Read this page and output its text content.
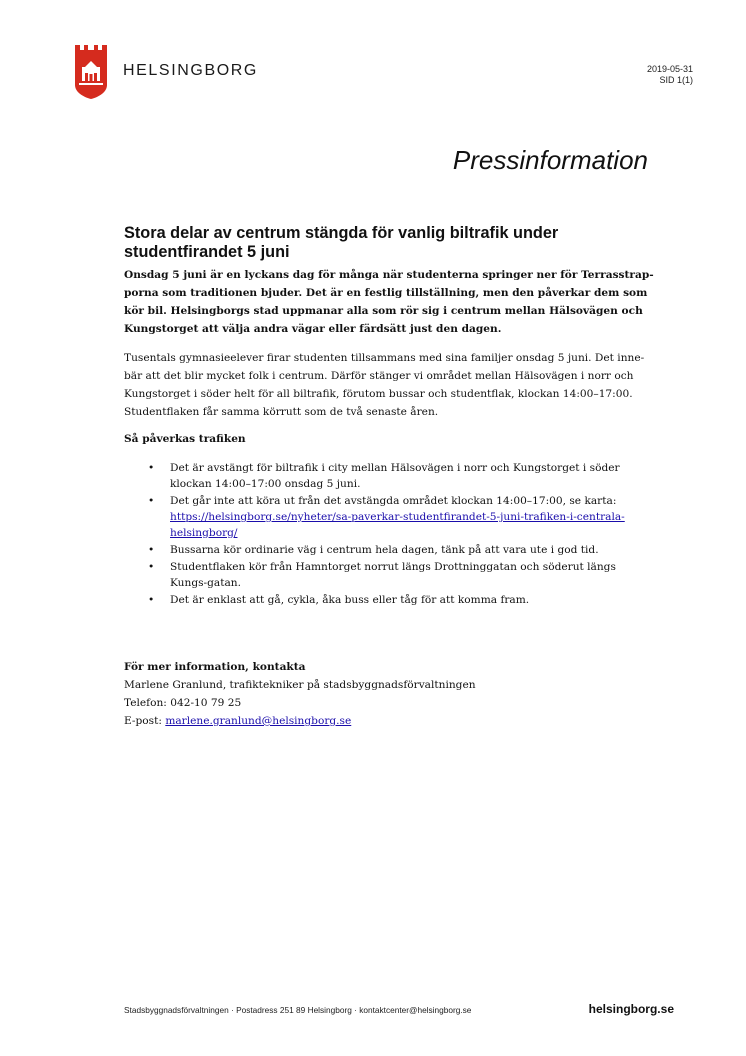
HELSINGBORG	2019-05-31
SID 1(1)
Pressinformation
Stora delar av centrum stängda för vanlig biltrafik under studentfirandet 5 juni

Onsdag 5 juni är en lyckans dag för många när studenterna springer ner för Terrasstrap-porna som traditionen bjuder. Det är en festlig tillställning, men den påverkar dem som kör bil. Helsingborgs stad uppmanar alla som rör sig i centrum mellan Hälsovägen och Kungstorget att välja andra vägar eller färdsätt just den dagen.

Tusentals gymnasieelever firar studenten tillsammans med sina familjer onsdag 5 juni. Det inne-bär att det blir mycket folk i centrum. Därför stänger vi området mellan Hälsovägen i norr och Kungstorget i söder helt för all biltrafik, förutom bussar och studentflak, klockan 14:00–17:00. Studentflaken får samma körrutt som de två senaste åren.

Så påverkas trafiken
• Det är avstängt för biltrafik i city mellan Hälsovägen i norr och Kungstorget i söder klockan 14:00–17:00 onsdag 5 juni.
• Det går inte att köra ut från det avstängda området klockan 14:00–17:00, se karta:
https://helsingborg.se/nyheter/sa-paverkar-studentfirandet-5-juni-trafiken-i-centrala-helsingborg/
• Bussarna kör ordinarie väg i centrum hela dagen, tänk på att vara ute i god tid.
• Studentflaken kör från Hamntorget norrut längs Drottninggatan och söderut längs Kungs-gatan.
• Det är enklast att gå, cykla, åka buss eller tåg för att komma fram.
För mer information, kontakta
Marlene Granlund, trafiktekniker på stadsbyggnadsförvaltningen
Telefon: 042-10 79 25
E-post: marlene.granlund@helsingborg.se
Stadsbyggnadsförvaltningen · Postadress 251 89 Helsingborg · kontaktcenter@helsingborg.se	helsingborg.se
